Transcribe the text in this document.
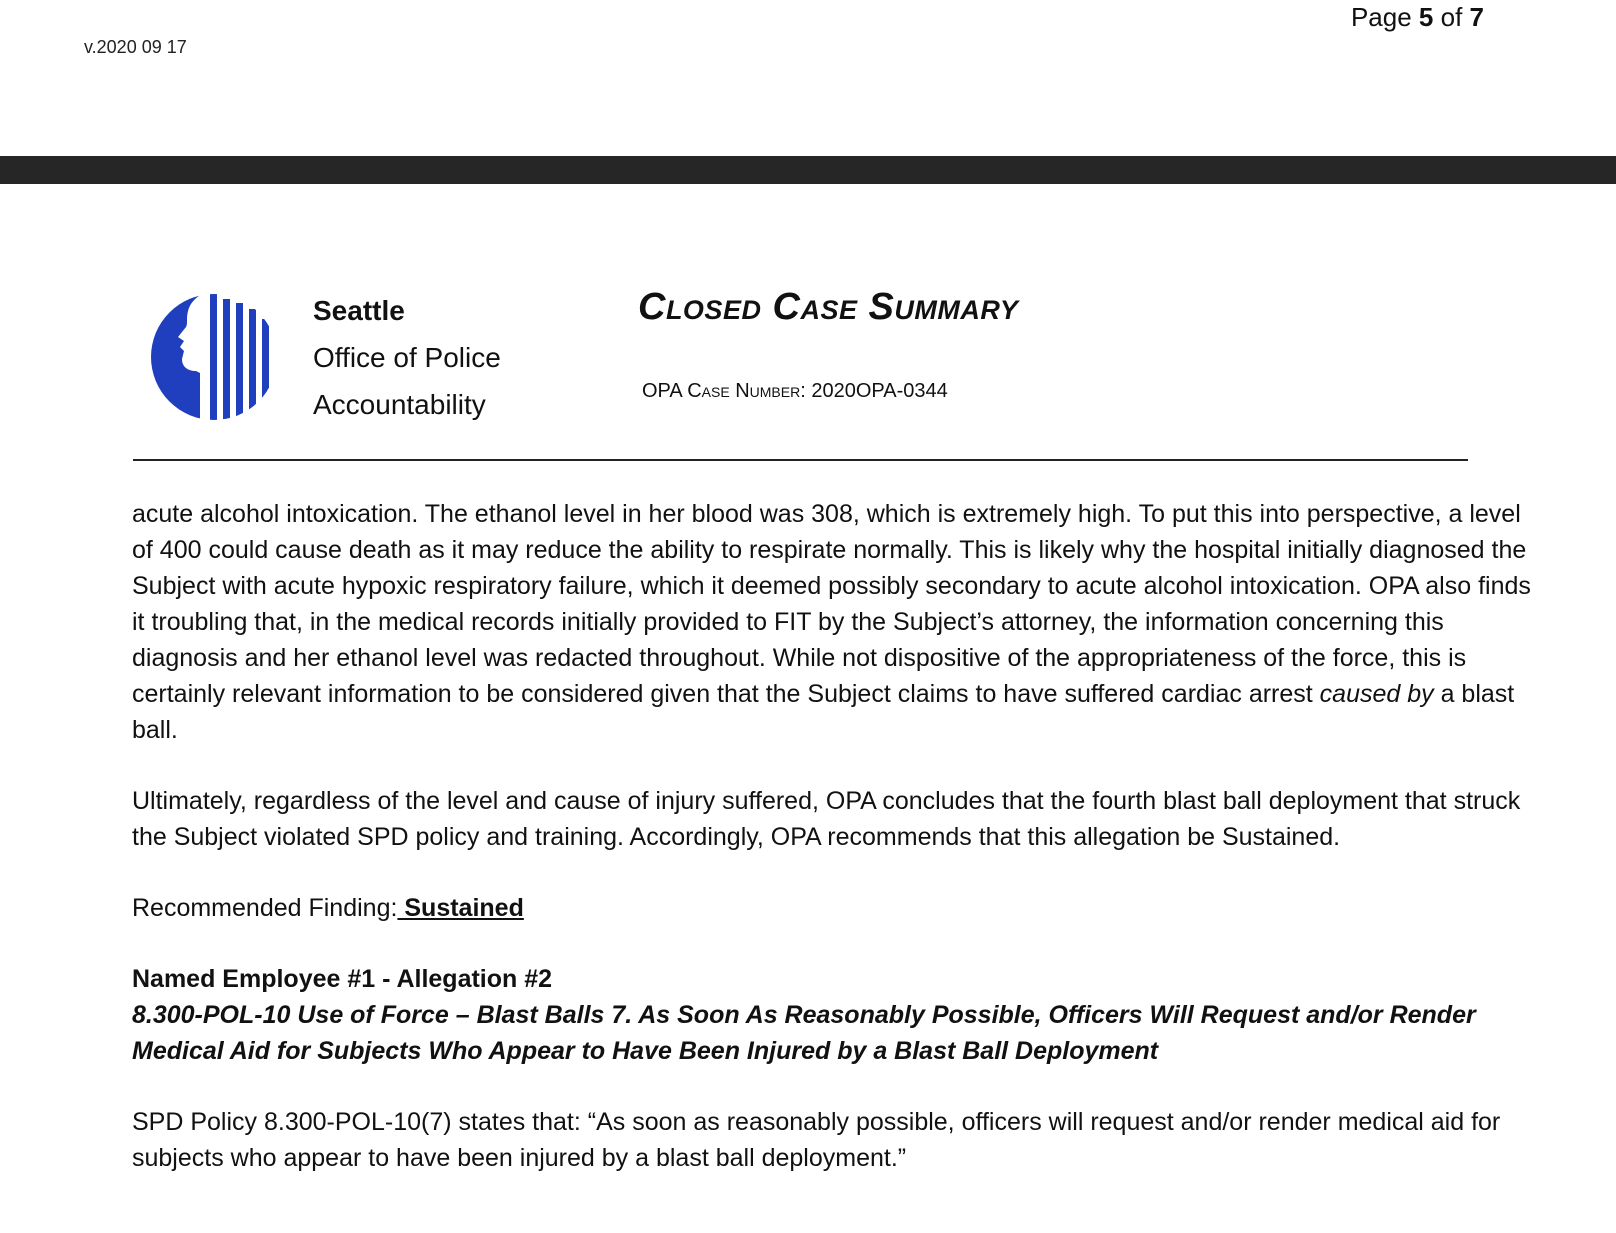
v.2020 09 17
Page 5 of 7
Seattle
Office of Police
Accountability
Closed Case Summary
OPA Case Number: 2020OPA-0344

acute alcohol intoxication. The ethanol level in her blood was 308, which is extremely high. To put this into perspective, a level of 400 could cause death as it may reduce the ability to respirate normally. This is likely why the hospital initially diagnosed the Subject with acute hypoxic respiratory failure, which it deemed possibly secondary to acute alcohol intoxication. OPA also finds it troubling that, in the medical records initially provided to FIT by the Subject’s attorney, the information concerning this diagnosis and her ethanol level was redacted throughout. While not dispositive of the appropriateness of the force, this is certainly relevant information to be considered given that the Subject claims to have suffered cardiac arrest caused by a blast ball.

Ultimately, regardless of the level and cause of injury suffered, OPA concludes that the fourth blast ball deployment that struck the Subject violated SPD policy and training. Accordingly, OPA recommends that this allegation be Sustained.

Recommended Finding: Sustained

Named Employee #1 - Allegation #2

8.300-POL-10 Use of Force – Blast Balls 7. As Soon As Reasonably Possible, Officers Will Request and/or Render Medical Aid for Subjects Who Appear to Have Been Injured by a Blast Ball Deployment

SPD Policy 8.300-POL-10(7) states that: “As soon as reasonably possible, officers will request and/or render medical aid for subjects who appear to have been injured by a blast ball deployment.”
